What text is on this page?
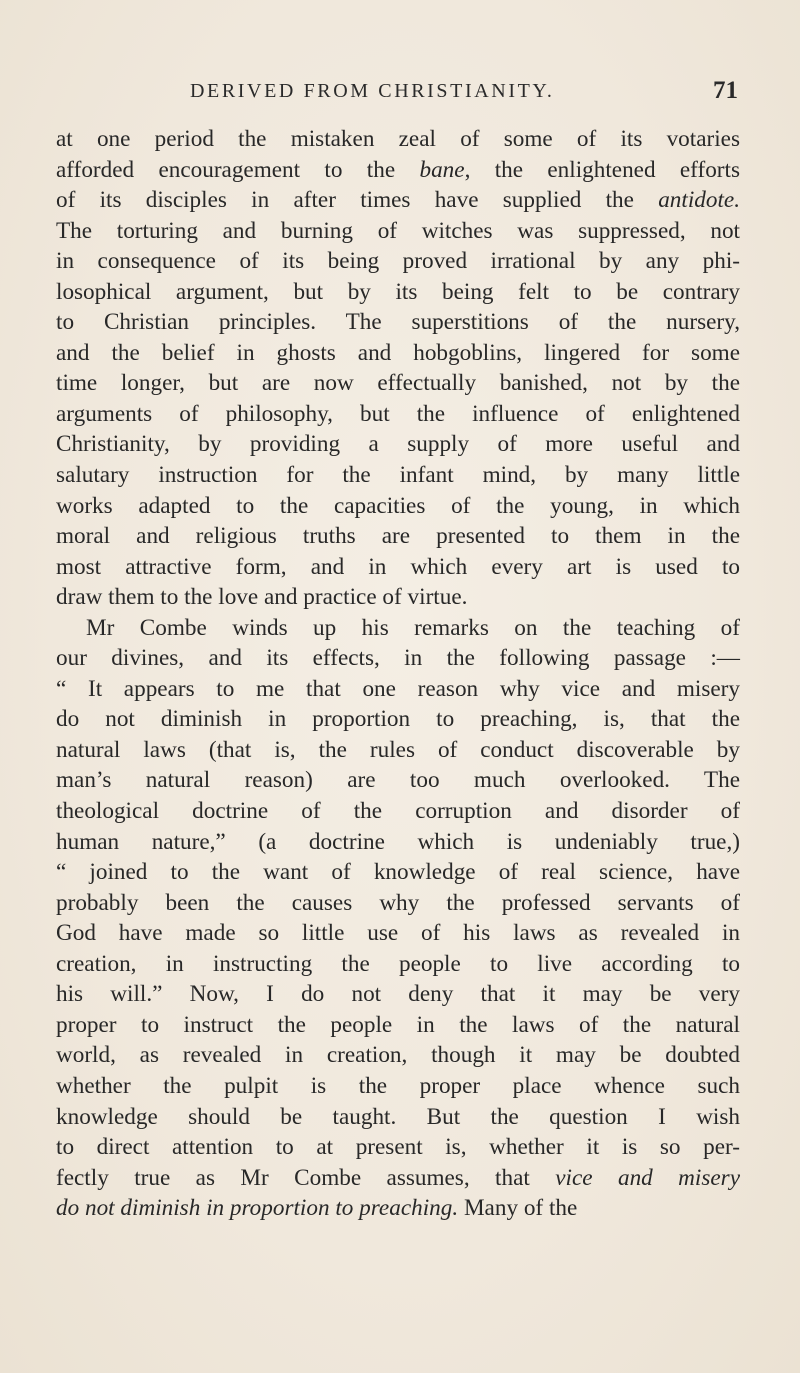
DERIVED FROM CHRISTIANITY.	71
at one period the mistaken zeal of some of its votaries
afforded encouragement to the bane, the enlightened efforts
of its disciples in after times have supplied the antidote.
The torturing and burning of witches was suppressed, not
in consequence of its being proved irrational by any phi-
losophical argument, but by its being felt to be contrary
to Christian principles. The superstitions of the nursery,
and the belief in ghosts and hobgoblins, lingered for some
time longer, but are now effectually banished, not by the
arguments of philosophy, but the influence of enlightened
Christianity, by providing a supply of more useful and
salutary instruction for the infant mind, by many little
works adapted to the capacities of the young, in which
moral and religious truths are presented to them in the
most attractive form, and in which every art is used to
draw them to the love and practice of virtue.
Mr Combe winds up his remarks on the teaching of
our divines, and its effects, in the following passage :—
“ It appears to me that one reason why vice and misery
do not diminish in proportion to preaching, is, that the
natural laws (that is, the rules of conduct discoverable by
man’s natural reason) are too much overlooked. The
theological doctrine of the corruption and disorder of
human nature,” (a doctrine which is undeniably true,)
“ joined to the want of knowledge of real science, have
probably been the causes why the professed servants of
God have made so little use of his laws as revealed in
creation, in instructing the people to live according to
his will.” Now, I do not deny that it may be very
proper to instruct the people in the laws of the natural
world, as revealed in creation, though it may be doubted
whether the pulpit is the proper place whence such
knowledge should be taught. But the question I wish
to direct attention to at present is, whether it is so per-
fectly true as Mr Combe assumes, that vice and misery
do not diminish in proportion to preaching. Many of the
